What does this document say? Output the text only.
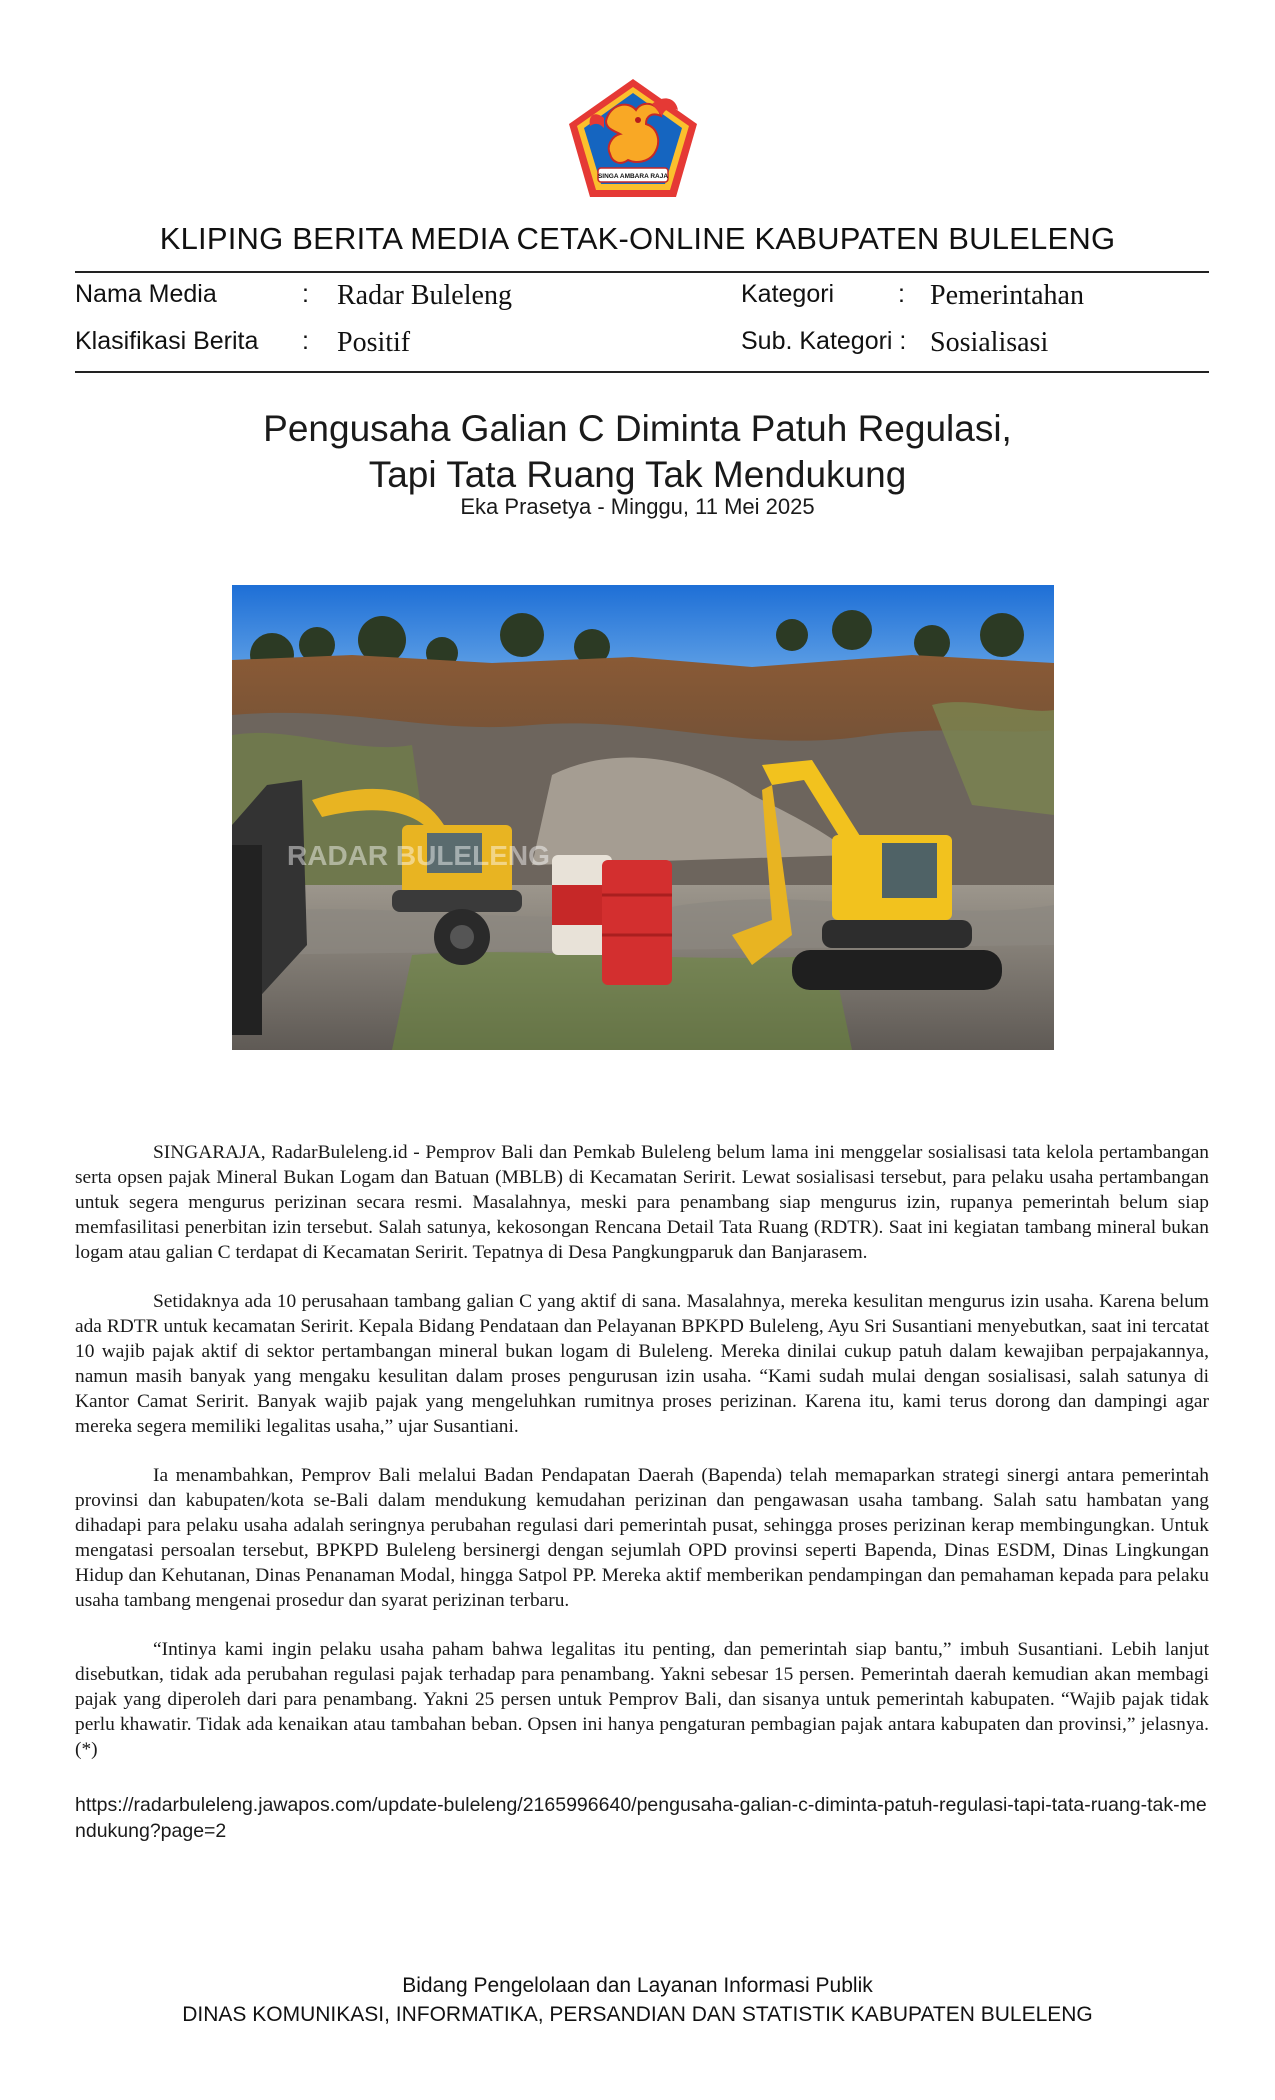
SINGA AMBARA RAJA
KLIPING BERITA MEDIA CETAK-ONLINE KABUPATEN BULELENG
Nama Media	: Radar Buleleng	Kategori	: Pemerintahan
Klasifikasi Berita : Positif	Sub. Kategori : Sosialisasi
Pengusaha Galian C Diminta Patuh Regulasi,
Tapi Tata Ruang Tak Mendukung
Eka Prasetya - Minggu, 11 Mei 2025
RADAR BULELENG

SINGARAJA, RadarBuleleng.id - Pemprov Bali dan Pemkab Buleleng belum lama ini menggelar sosialisasi tata kelola pertambangan serta opsen pajak Mineral Bukan Logam dan Batuan (MBLB) di Kecamatan Seririt. Lewat sosialisasi tersebut, para pelaku usaha pertambangan untuk segera mengurus perizinan secara resmi. Masalahnya, meski para penambang siap mengurus izin, rupanya pemerintah belum siap memfasilitasi penerbitan izin tersebut. Salah satunya, kekosongan Rencana Detail Tata Ruang (RDTR). Saat ini kegiatan tambang mineral bukan logam atau galian C terdapat di Kecamatan Seririt. Tepatnya di Desa Pangkungparuk dan Banjarasem.

Setidaknya ada 10 perusahaan tambang galian C yang aktif di sana. Masalahnya, mereka kesulitan mengurus izin usaha. Karena belum ada RDTR untuk kecamatan Seririt. Kepala Bidang Pendataan dan Pelayanan BPKPD Buleleng, Ayu Sri Susantiani menyebutkan, saat ini tercatat 10 wajib pajak aktif di sektor pertambangan mineral bukan logam di Buleleng. Mereka dinilai cukup patuh dalam kewajiban perpajakannya, namun masih banyak yang mengaku kesulitan dalam proses pengurusan izin usaha. “Kami sudah mulai dengan sosialisasi, salah satunya di Kantor Camat Seririt. Banyak wajib pajak yang mengeluhkan rumitnya proses perizinan. Karena itu, kami terus dorong dan dampingi agar mereka segera memiliki legalitas usaha,” ujar Susantiani.

Ia menambahkan, Pemprov Bali melalui Badan Pendapatan Daerah (Bapenda) telah memaparkan strategi sinergi antara pemerintah provinsi dan kabupaten/kota se-Bali dalam mendukung kemudahan perizinan dan pengawasan usaha tambang. Salah satu hambatan yang dihadapi para pelaku usaha adalah seringnya perubahan regulasi dari pemerintah pusat, sehingga proses perizinan kerap membingungkan. Untuk mengatasi persoalan tersebut, BPKPD Buleleng bersinergi dengan sejumlah OPD provinsi seperti Bapenda, Dinas ESDM, Dinas Lingkungan Hidup dan Kehutanan, Dinas Penanaman Modal, hingga Satpol PP. Mereka aktif memberikan pendampingan dan pemahaman kepada para pelaku usaha tambang mengenai prosedur dan syarat perizinan terbaru.

“Intinya kami ingin pelaku usaha paham bahwa legalitas itu penting, dan pemerintah siap bantu,” imbuh Susantiani. Lebih lanjut disebutkan, tidak ada perubahan regulasi pajak terhadap para penambang. Yakni sebesar 15 persen. Pemerintah daerah kemudian akan membagi pajak yang diperoleh dari para penambang. Yakni 25 persen untuk Pemprov Bali, dan sisanya untuk pemerintah kabupaten. “Wajib pajak tidak perlu khawatir. Tidak ada kenaikan atau tambahan beban. Opsen ini hanya pengaturan pembagian pajak antara kabupaten dan provinsi,” jelasnya. (*)

https://radarbuleleng.jawapos.com/update-buleleng/2165996640/pengusaha-galian-c-diminta-patuh-regulasi-tapi-tata-ruang-tak-mendukung?page=2
Bidang Pengelolaan dan Layanan Informasi Publik
DINAS KOMUNIKASI, INFORMATIKA, PERSANDIAN DAN STATISTIK KABUPATEN BULELENG
